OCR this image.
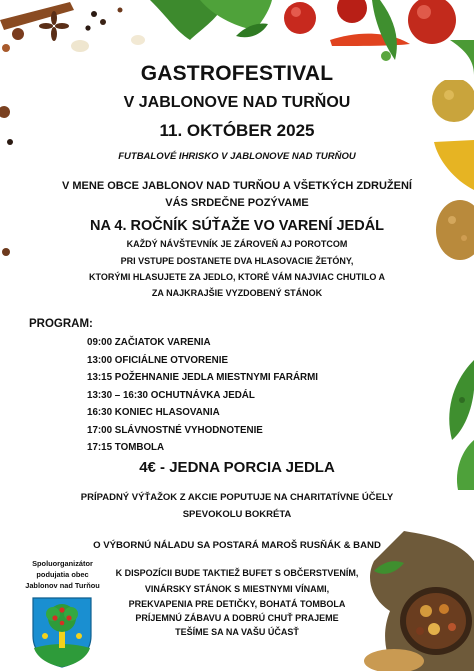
GASTROFESTIVAL
V JABLONOVE NAD TURŇOU
11. OKTÓBER 2025
FUTBALOVÉ IHRISKO V JABLONOVE NAD TURŇOU
V MENE OBCE JABLONOV NAD TURŇOU A VŠETKÝCH ZDRUŽENÍ
VÁS SRDEČNE POZÝVAME
NA 4. ROČNÍK SÚŤAŽE VO VARENÍ JEDÁL
KAŽDÝ NÁVŠTEVNÍK JE ZÁROVEŇ AJ POROTCOM
PRI VSTUPE DOSTANETE DVA HLASOVACIE ŽETÓNY,
KTORÝMI HLASUJETE ZA JEDLO, KTORÉ VÁM NAJVIAC CHUTILO A
ZA NAJKRAJŠIE VYZDOBENÝ STÁNOK
PROGRAM:
09:00 ZAČIATOK VARENIA
13:00 OFICIÁLNE OTVORENIE
13:15 POŽEHNANIE JEDLA MIESTNYMI FARÁRMI
13:30 – 16:30 OCHUTNÁVKA JEDÁL
16:30 KONIEC HLASOVANIA
17:00 SLÁVNOSTNÉ VYHODNOTENIE
17:15 TOMBOLA
4€ - JEDNA PORCIA JEDLA
PRÍPADNÝ VÝŤAŽOK Z AKCIE POPUTUJE NA CHARITATÍVNE ÚČELY
SPEVOKOLU BOKRÉTA
O VÝBORNÚ NÁLADU SA POSTARÁ MAROŠ RUSŇÁK & BAND
K DISPOZÍCII BUDE TAKTIEŽ BUFET S OBČERSTVENÍM,
VINÁRSKY STÁNOK S MIESTNYMI VÍNAMI,
PREKVAPENIA PRE DETIČKY, BOHATÁ TOMBOLA
PRÍJEMNÚ ZÁBAVU A DOBRÚ CHUŤ PRAJEME
TEŠÍME SA NA VAŠU ÚČASŤ
Spoluorganizátor
podujatia obec
Jablonov nad Turňou
